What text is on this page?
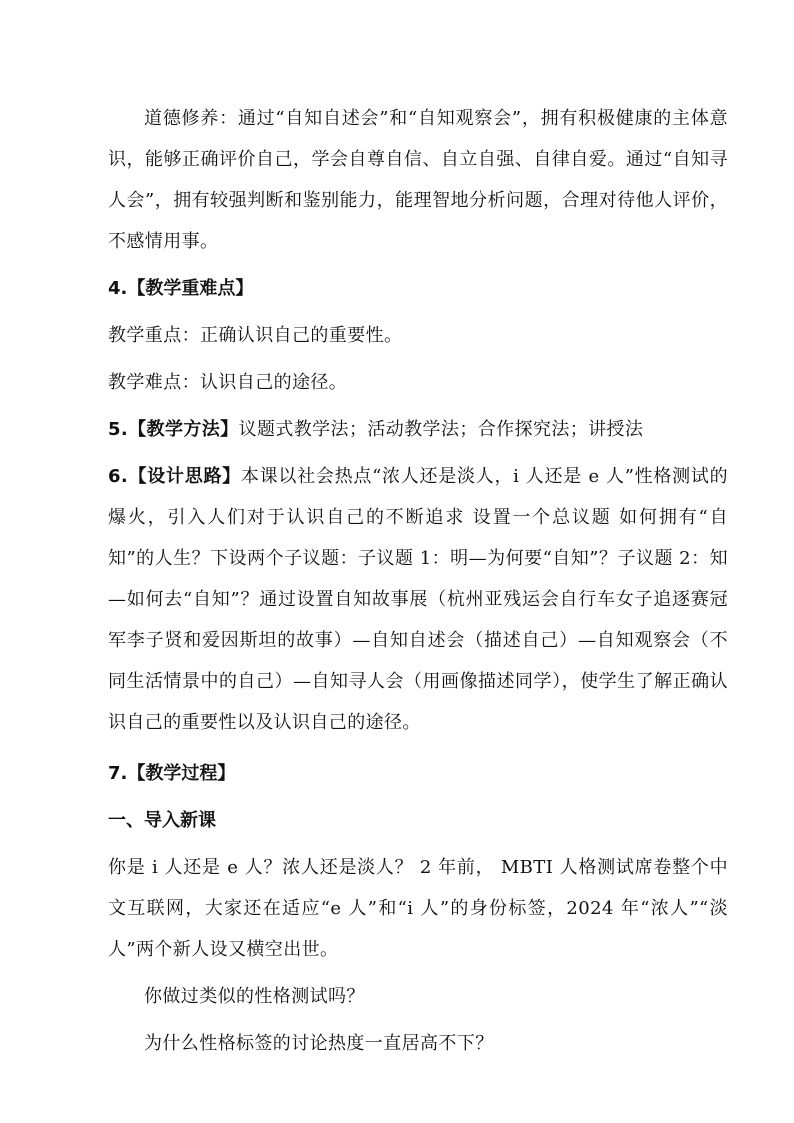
道德修养：通过“自知自述会”和“自知观察会”，拥有积极健康的主体意识，能够正确评价自己，学会自尊自信、自立自强、自律自爱。通过“自知寻人会”，拥有较强判断和鉴别能力，能理智地分析问题，合理对待他人评价，不感情用事。

4.【教学重难点】

教学重点：正确认识自己的重要性。

教学难点：认识自己的途径。

5.【教学方法】议题式教学法；活动教学法；合作探究法；讲授法

6.【设计思路】本课以社会热点“浓人还是淡人，i 人还是 e 人”性格测试的爆火，引入人们对于认识自己的不断追求 设置一个总议题 如何拥有“自知”的人生？下设两个子议题：子议题 1：明—为何要“自知”？子议题 2：知—如何去“自知”？通过设置自知故事展（杭州亚残运会自行车女子追逐赛冠军李子贤和爱因斯坦的故事）—自知自述会（描述自己）—自知观察会（不同生活情景中的自己）—自知寻人会（用画像描述同学），使学生了解正确认识自己的重要性以及认识自己的途径。

7.【教学过程】

一、导入新课

你是 i 人还是 e 人？浓人还是淡人？ 2 年前， MBTI 人格测试席卷整个中文互联网，大家还在适应“e 人”和“i 人”的身份标签，2024 年“浓人”“淡人”两个新人设又横空出世。

你做过类似的性格测试吗？

为什么性格标签的讨论热度一直居高不下？
